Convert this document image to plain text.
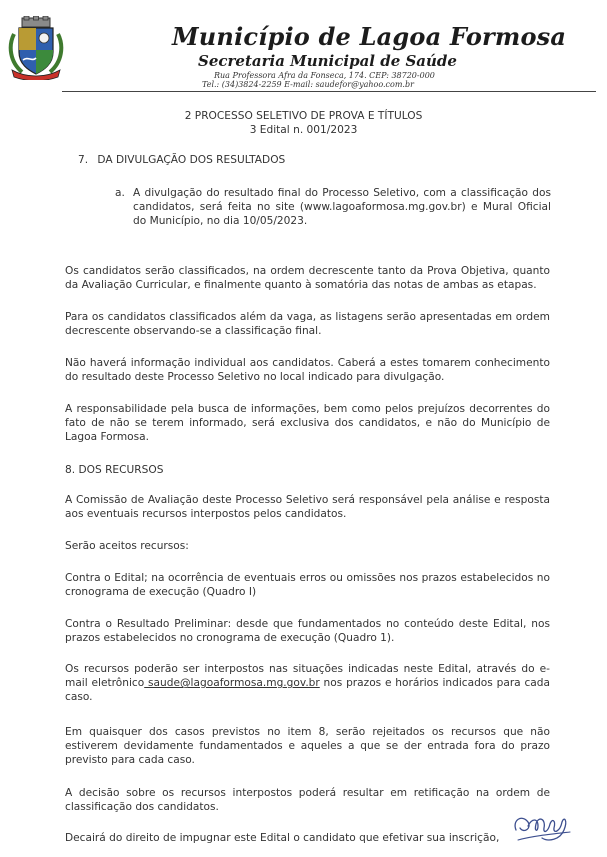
Município de Lagoa Formosa
Secretaria Municipal de Saúde
Rua Professora Afra da Fonseca, 174. CEP: 38720-000
Tel.: (34)3824-2259 E-mail: saudefor@yahoo.com.br
2 PROCESSO SELETIVO DE PROVA E TÍTULOS
3 Edital n. 001/2023
7. DA DIVULGAÇÃO DOS RESULTADOS
a. A divulgação do resultado final do Processo Seletivo, com a classificação dos candidatos, será feita no site (www.lagoaformosa.mg.gov.br) e Mural Oficial do Município, no dia 10/05/2023.

Os candidatos serão classificados, na ordem decrescente tanto da Prova Objetiva, quanto da Avaliação Curricular, e finalmente quanto à somatória das notas de ambas as etapas.

Para os candidatos classificados além da vaga, as listagens serão apresentadas em ordem decrescente observando-se a classificação final.

Não haverá informação individual aos candidatos. Caberá a estes tomarem conhecimento do resultado deste Processo Seletivo no local indicado para divulgação.

A responsabilidade pela busca de informações, bem como pelos prejuízos decorrentes do fato de não se terem informado, será exclusiva dos candidatos, e não do Município de Lagoa Formosa.

8. DOS RECURSOS

A Comissão de Avaliação deste Processo Seletivo será responsável pela análise e resposta aos eventuais recursos interpostos pelos candidatos.

Serão aceitos recursos:

Contra o Edital; na ocorrência de eventuais erros ou omissões nos prazos estabelecidos no cronograma de execução (Quadro I)

Contra o Resultado Preliminar: desde que fundamentados no conteúdo deste Edital, nos prazos estabelecidos no cronograma de execução (Quadro 1).

Os recursos poderão ser interpostos nas situações indicadas neste Edital, através do e-mail eletrônico saude@lagoaformosa.mg.gov.br nos prazos e horários indicados para cada caso.

Em quaisquer dos casos previstos no item 8, serão rejeitados os recursos que não estiverem devidamente fundamentados e aqueles a que se der entrada fora do prazo previsto para cada caso.

A decisão sobre os recursos interpostos poderá resultar em retificação na ordem de classificação dos candidatos.

Decairá do direito de impugnar este Edital o candidato que efetivar sua inscrição,
